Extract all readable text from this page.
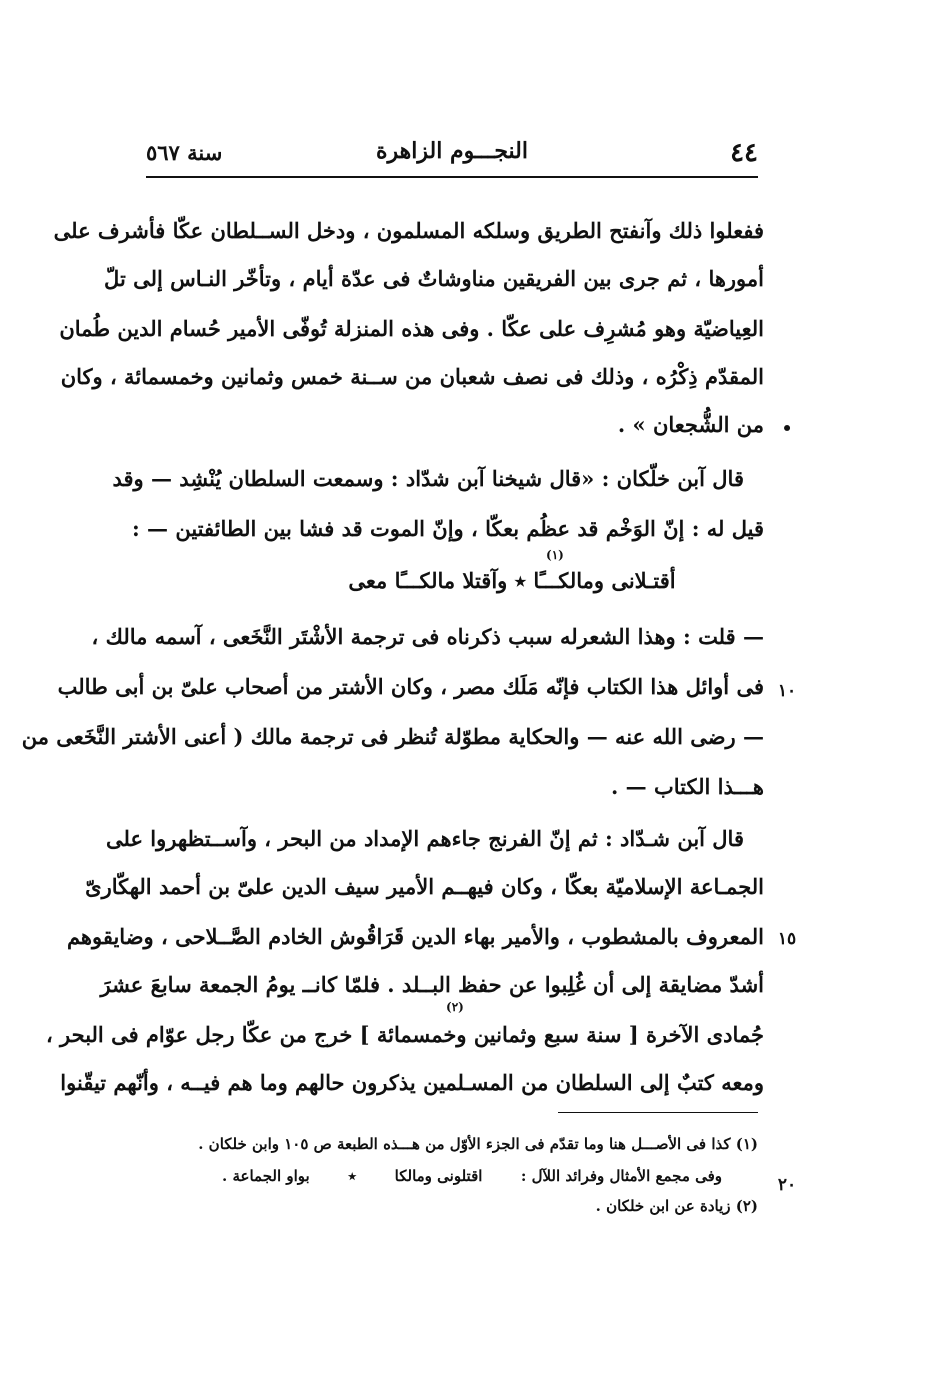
٤٤
النجـــوم الزاهرة
سنة ٥٦٧
ففعلوا ذلك وآنفتح الطريق وسلكه المسلمون ، ودخل الســلطان عكّا فأشرف على
أمورها ، ثم جرى بين الفريقين مناوشاتٌ فى عدّة أيام ، وتأخّر النـاس إلى تلّ
العِياضيّة وهو مُشرِف على عكّا . وفى هذه المنزلة تُوفّى الأمير حُسام الدين طُمان
المقدّم ذِكْرُه ، وذلك فى نصف شعبان من ســنة خمس وثمانين وخمسمائة ، وكان
من الشُّجعان » .
قال آبن خلّكان : «قال شيخنا آبن شدّاد : وسمعت السلطان يُنْشِد — وقد
قيل له : إنّ الوَخْم قد عظُم بعكّا ، وإنّ الموت قد فشا بين الطائفتين — :
(١)
أقتـلانى ومالكـــًا ٭ وآقتلا مالكـــًا معى
— قلت : وهذا الشعرله سبب ذكرناه فى ترجمة الأشْتَر النَّخَعى ، آسمه مالك ،
فى أوائل هذا الكتاب فإنّه مَلَك مصر ، وكان الأشتر من أصحاب علىّ بن أبى طالب
— رضى الله عنه — والحكاية مطوّلة تُنظر فى ترجمة مالك ( أعنى الأشتر النَّخَعى من
هـــذا الكتاب — .
قال آبن شـدّاد : ثم إنّ الفرنج جاءهم الإمداد من البحر ، وآســتظهروا على
الجمـاعة الإسلاميّة بعكّا ، وكان فيهــم الأمير سيف الدين علىّ بن أحمد الهكّارىّ
المعروف بالمشطوب ، والأمير بهاء الدين قَرَاقُوش الخادم الصَّــلاحى ، وضايقوهم
أشدّ مضايقة إلى أن غُلِبوا عن حفظ البــلد . فلمّا كانــ يومُ الجمعة سابعَ عشرَ
(٢)
جُمادى الآخرة [ سنة سبع وثمانين وخمسمائة ] خرج من عكّا رجل عوّام فى البحر ،
ومعه كتبٌ إلى السلطان من المسـلمين يذكرون حالهم وما هم فيــه ، وأنّهم تيقّنوا
•
١٠
١٥
٢٠
(١) كذا فى الأصـــل هنا وما تقدّم فى الجزء الأوّل من هـــذه الطبعة ص ١٠٥ وابن خلكان .
وفى مجمع الأمثال وفرائد اللآل :
اقتلونى ومالكا
٭
بواو الجماعة .
(٢) زيادة عن ابن خلكان .
